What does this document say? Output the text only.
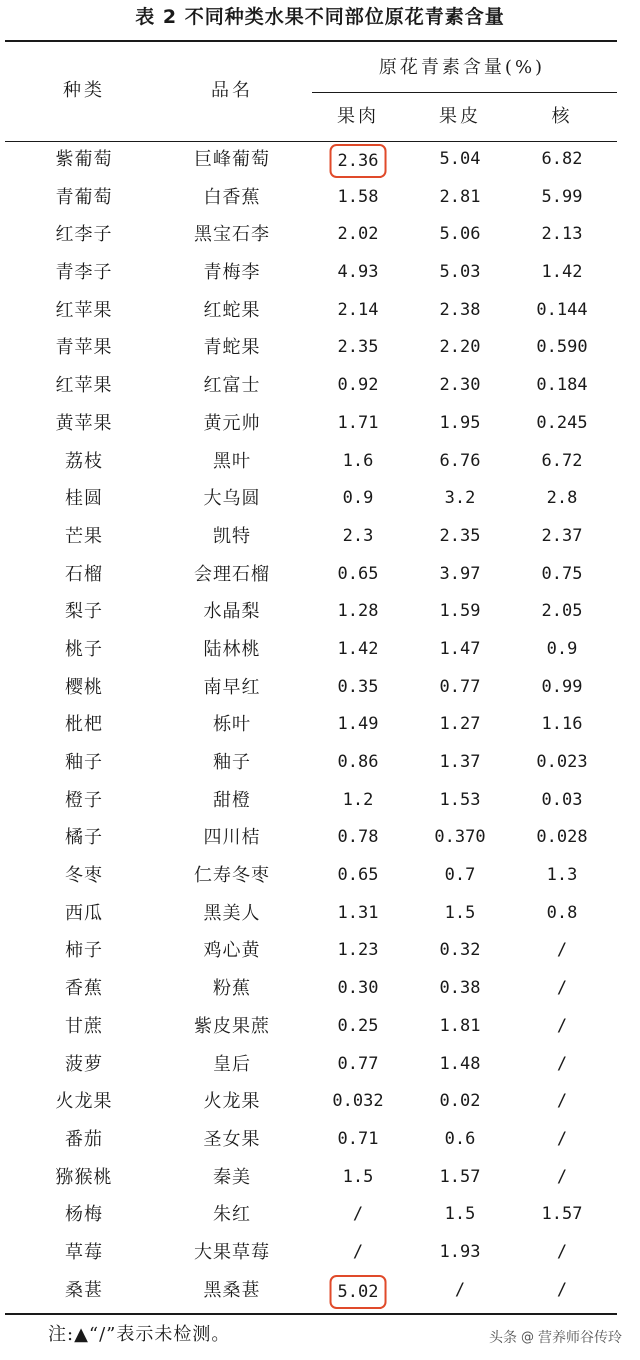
表 2 不同种类水果不同部位原花青素含量
种类	品名
原花青素含量(%)
果肉	果皮	核
紫葡萄	巨峰葡萄	2.36	5.04	6.82
青葡萄	白香蕉	1.58	2.81	5.99
红李子	黑宝石李	2.02	5.06	2.13
青李子	青梅李	4.93	5.03	1.42
红苹果	红蛇果	2.14	2.38	0.144
青苹果	青蛇果	2.35	2.20	0.590
红苹果	红富士	0.92	2.30	0.184
黄苹果	黄元帅	1.71	1.95	0.245
荔枝	黑叶	1.6	6.76	6.72
桂圆	大乌圆	0.9	3.2	2.8
芒果	凯特	2.3	2.35	2.37
石榴	会理石榴	0.65	3.97	0.75
梨子	水晶梨	1.28	1.59	2.05
桃子	陆林桃	1.42	1.47	0.9
樱桃	南早红	0.35	0.77	0.99
枇杷	栎叶	1.49	1.27	1.16
釉子	釉子	0.86	1.37	0.023
橙子	甜橙	1.2	1.53	0.03
橘子	四川桔	0.78	0.370	0.028
冬枣	仁寿冬枣	0.65	0.7	1.3
西瓜	黑美人	1.31	1.5	0.8
柿子	鸡心黄	1.23	0.32	/
香蕉	粉蕉	0.30	0.38	/
甘蔗	紫皮果蔗	0.25	1.81	/
菠萝	皇后	0.77	1.48	/
火龙果	火龙果	0.032	0.02	/
番茄	圣女果	0.71	0.6	/
猕猴桃	秦美	1.5	1.57	/
杨梅	朱红	/	1.5	1.57
草莓	大果草莓	/	1.93	/
桑葚	黑桑葚	5.02	/	/
注:▲“/”表示未检测。	头条 @ 营养师谷传玲
